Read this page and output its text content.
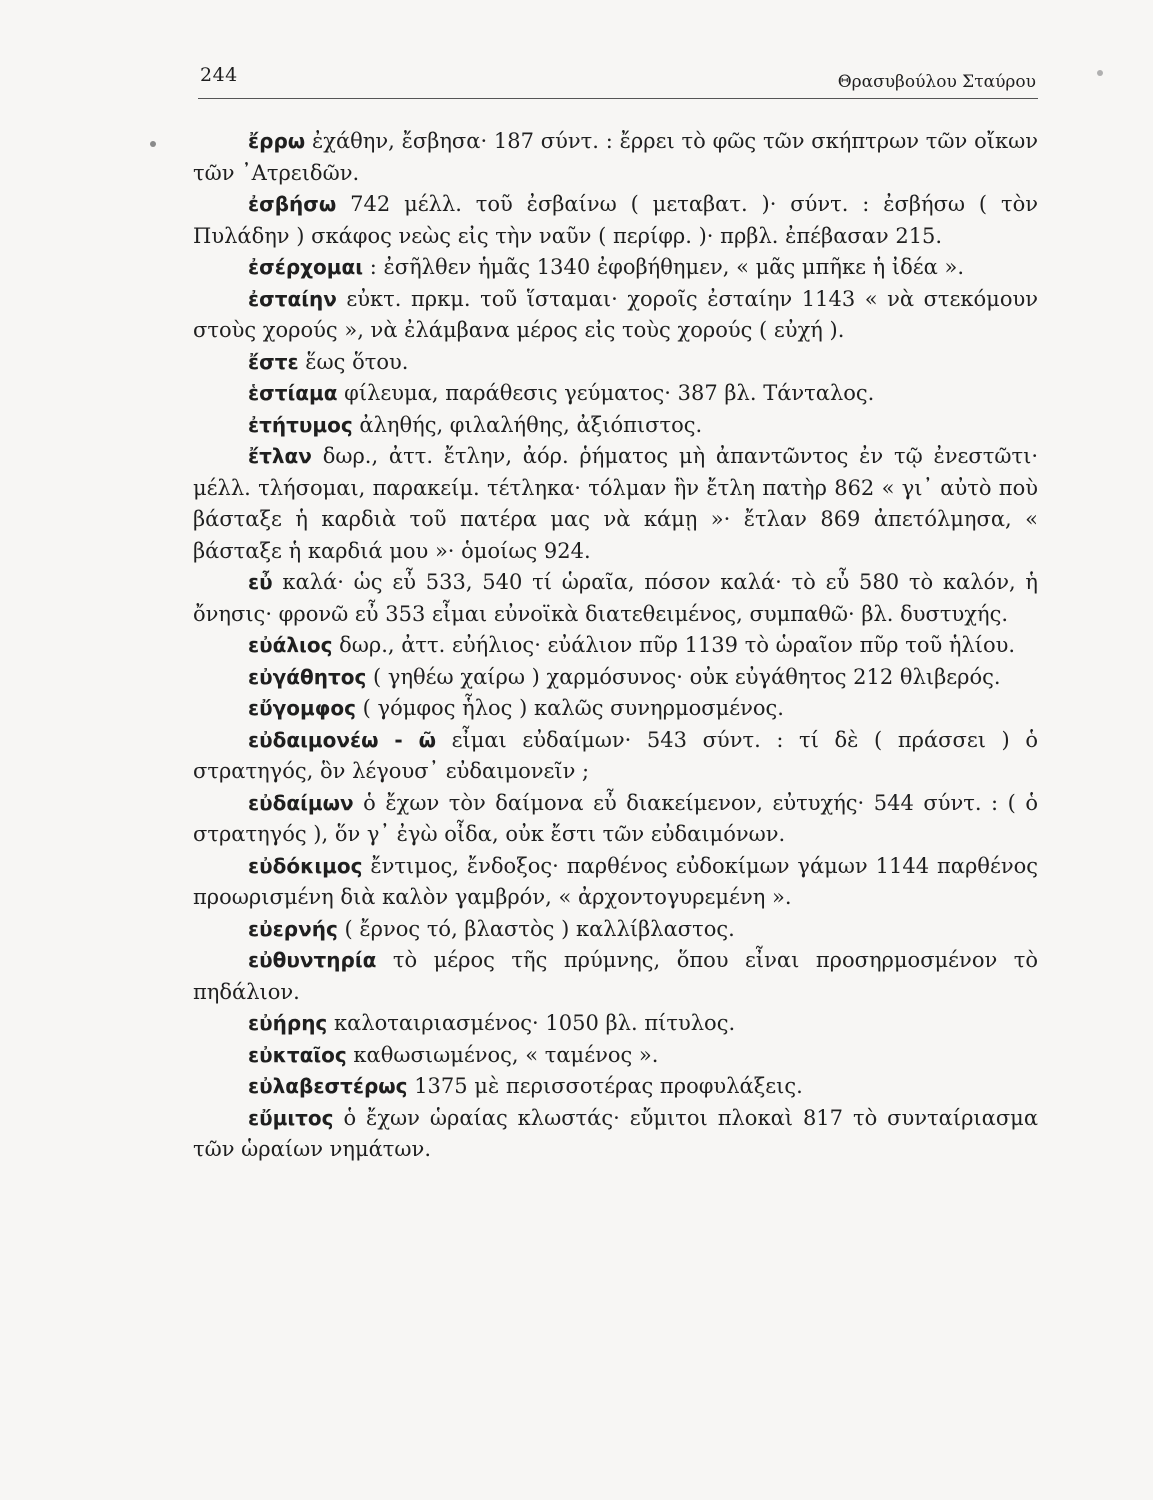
244	Θρασυβούλου Σταύρου

ἔρρω ἐχάθην, ἔσβησα· 187 σύντ. : ἔρρει τὸ φῶς τῶν σκήπτρων τῶν οἴκων τῶν ᾿Ατρειδῶν.

ἐσβήσω 742 μέλλ. τοῦ ἐσβαίνω ( μεταβατ. )· σύντ. : ἐσβήσω ( τὸν Πυλάδην ) σκάφος νεὼς εἰς τὴν ναῦν ( περίφρ. )· πρβλ. ἐπέβασαν 215.

ἐσέρχομαι : ἐσῆλθεν ἡμᾶς 1340 ἐφοβήθημεν, « μᾶς μπῆκε ἡ ἰδέα ».

ἐσταίην εὐκτ. πρκμ. τοῦ ἵσταμαι· χοροῖς ἐσταίην 1143 « νὰ στεκόμουν στοὺς χορούς », νὰ ἐλάμβανα μέρος εἰς τοὺς χορούς ( εὐχή ).

ἔστε ἕως ὅτου.

ἑστίαμα φίλευμα, παράθεσις γεύματος· 387 βλ. Τάνταλος.

ἐτήτυμος ἀληθής, φιλαλήθης, ἀξιόπιστος.

ἔτλαν δωρ., ἀττ. ἔτλην, ἀόρ. ῥήματος μὴ ἀπαντῶντος ἐν τῷ ἐνεστῶτι· μέλλ. τλήσομαι, παρακείμ. τέτληκα· τόλμαν ἣν ἔτλη πατὴρ 862 « γι᾿ αὐτὸ ποὺ βάσταξε ἡ καρδιὰ τοῦ πατέρα μας νὰ κάμῃ »· ἔτλαν 869 ἀπετόλμησα, « βάσταξε ἡ καρδιά μου »· ὁμοίως 924.

εὖ καλά· ὡς εὖ 533, 540 τί ὡραῖα, πόσον καλά· τὸ εὖ 580 τὸ καλόν, ἡ ὄνησις· φρονῶ εὖ 353 εἶμαι εὐνοϊκὰ διατεθειμένος, συμπαθῶ· βλ. δυστυχής.

εὐάλιος δωρ., ἀττ. εὐήλιος· εὐάλιον πῦρ 1139 τὸ ὡραῖον πῦρ τοῦ ἡλίου.

εὐγάθητος ( γηθέω χαίρω ) χαρμόσυνος· οὐκ εὐγάθητος 212 θλιβερός.

εὔγομφος ( γόμφος ἧλος ) καλῶς συνηρμοσμένος.

εὐδαιμονέω - ῶ εἶμαι εὐδαίμων· 543 σύντ. : τί δὲ ( πράσσει ) ὁ στρατηγός, ὃν λέγουσ᾿ εὐδαιμονεῖν ;

εὐδαίμων ὁ ἔχων τὸν δαίμονα εὖ διακείμενον, εὐτυχής· 544 σύντ. : ( ὁ στρατηγός ), ὅν γ᾿ ἐγὼ οἶδα, οὐκ ἔστι τῶν εὐδαιμόνων.

εὐδόκιμος ἔντιμος, ἔνδοξος· παρθένος εὐδοκίμων γάμων 1144 παρθένος προωρισμένη διὰ καλὸν γαμβρόν, « ἀρχοντογυρεμένη ».

εὐερνής ( ἔρνος τό, βλαστὸς ) καλλίβλαστος.

εὐθυντηρία τὸ μέρος τῆς πρύμνης, ὅπου εἶναι προσηρμοσμένον τὸ πηδάλιον.

εὐήρης καλοταιριασμένος· 1050 βλ. πίτυλος.

εὐκταῖος καθωσιωμένος, « ταμένος ».

εὐλαβεστέρως 1375 μὲ περισσοτέρας προφυλάξεις.

εὔμιτος ὁ ἔχων ὡραίας κλωστάς· εὔμιτοι πλοκαὶ 817 τὸ συνταίριασμα τῶν ὡραίων νημάτων.
